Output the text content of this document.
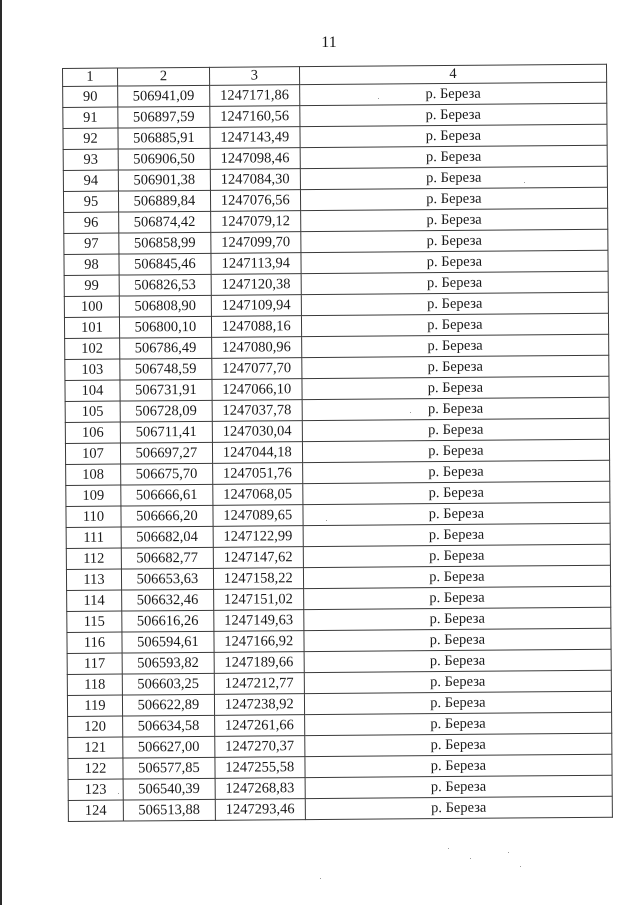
11
1	2	3	4
90	506941,09	1247171,86	р. Береза
91	506897,59	1247160,56	р. Береза
92	506885,91	1247143,49	р. Береза
93	506906,50	1247098,46	р. Береза
94	506901,38	1247084,30	р. Береза
95	506889,84	1247076,56	р. Береза
96	506874,42	1247079,12	р. Береза
97	506858,99	1247099,70	р. Береза
98	506845,46	1247113,94	р. Береза
99	506826,53	1247120,38	р. Береза
100	506808,90	1247109,94	р. Береза
101	506800,10	1247088,16	р. Береза
102	506786,49	1247080,96	р. Береза
103	506748,59	1247077,70	р. Береза
104	506731,91	1247066,10	р. Береза
105	506728,09	1247037,78	р. Береза
106	506711,41	1247030,04	р. Береза
107	506697,27	1247044,18	р. Береза
108	506675,70	1247051,76	р. Береза
109	506666,61	1247068,05	р. Береза
110	506666,20	1247089,65	р. Береза
111	506682,04	1247122,99	р. Береза
112	506682,77	1247147,62	р. Береза
113	506653,63	1247158,22	р. Береза
114	506632,46	1247151,02	р. Береза
115	506616,26	1247149,63	р. Береза
116	506594,61	1247166,92	р. Береза
117	506593,82	1247189,66	р. Береза
118	506603,25	1247212,77	р. Береза
119	506622,89	1247238,92	р. Береза
120	506634,58	1247261,66	р. Береза
121	506627,00	1247270,37	р. Береза
122	506577,85	1247255,58	р. Береза
123	506540,39	1247268,83	р. Береза
124	506513,88	1247293,46	р. Береза
